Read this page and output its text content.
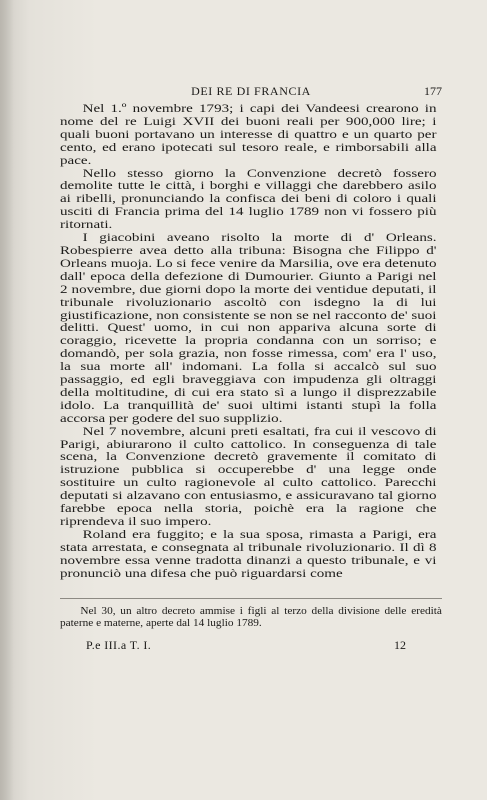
DEI RE DI FRANCIA	177

Nel 1.º novembre 1793; i capi dei Vandeesi crearono in nome del re Luigi XVII dei buoni reali per 900,000 lire; i quali buoni portavano un interesse di quattro e un quarto per cento, ed erano ipotecati sul tesoro reale, e rimborsabili alla pace.

Nello stesso giorno la Convenzione decretò fossero demolite tutte le città, i borghi e villaggi che darebbero asilo ai ribelli, pronunciando la confisca dei beni di coloro i quali usciti di Francia prima del 14 luglio 1789 non vi fossero più ritornati.

I giacobini aveano risolto la morte di d' Orleans. Robespierre avea detto alla tribuna: Bisogna che Filippo d' Orleans muoja. Lo si fece venire da Marsilia, ove era detenuto dall' epoca della defezione di Dumourier. Giunto a Parigi nel 2 novembre, due giorni dopo la morte dei ventidue deputati, il tribunale rivoluzionario ascoltò con isdegno la di lui giustificazione, non consistente se non se nel racconto de' suoi delitti. Quest' uomo, in cui non appariva alcuna sorte di coraggio, ricevette la propria condanna con un sorriso; e domandò, per sola grazia, non fosse rimessa, com' era l' uso, la sua morte all' indomani. La folla si accalcò sul suo passaggio, ed egli braveggiava con impudenza gli oltraggi della moltitudine, di cui era stato sì a lungo il disprezzabile idolo. La tranquillità de' suoi ultimi istanti stupì la folla accorsa per godere del suo supplizio.

Nel 7 novembre, alcuni preti esaltati, fra cui il vescovo di Parigi, abiurarono il culto cattolico. In conseguenza di tale scena, la Convenzione decretò gravemente il comitato di istruzione pubblica si occuperebbe d' una legge onde sostituire un culto ragionevole al culto cattolico. Parecchi deputati si alzavano con entusiasmo, e assicuravano tal giorno farebbe epoca nella storia, poichè era la ragione che riprendeva il suo impero.

Roland era fuggito; e la sua sposa, rimasta a Parigi, era stata arrestata, e consegnata al tribunale rivoluzionario. Il dì 8 novembre essa venne tradotta dinanzi a questo tribunale, e vi pronunciò una difesa che può riguardarsi come

Nel 30, un altro decreto ammise i figli al terzo della divisione delle eredità paterne e materne, aperte dal 14 luglio 1789.
P.e III.a T. I.	12
